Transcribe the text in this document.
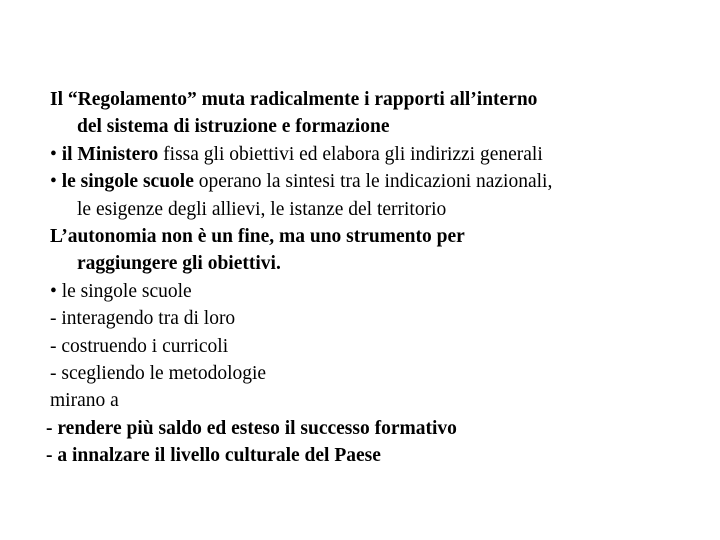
Il “Regolamento” muta radicalmente i rapporti all’interno
del sistema di istruzione e formazione

• il Ministero fissa gli obiettivi ed elabora gli indirizzi generali

• le singole scuole operano la sintesi tra le indicazioni nazionali,
le esigenze degli allievi, le istanze del territorio

L’autonomia non è un fine, ma uno strumento per
raggiungere gli obiettivi.

• le singole scuole

- interagendo tra di loro

- costruendo i curricoli

- scegliendo le metodologie

mirano a

- rendere più saldo ed esteso il successo formativo

- a innalzare il livello culturale del Paese
